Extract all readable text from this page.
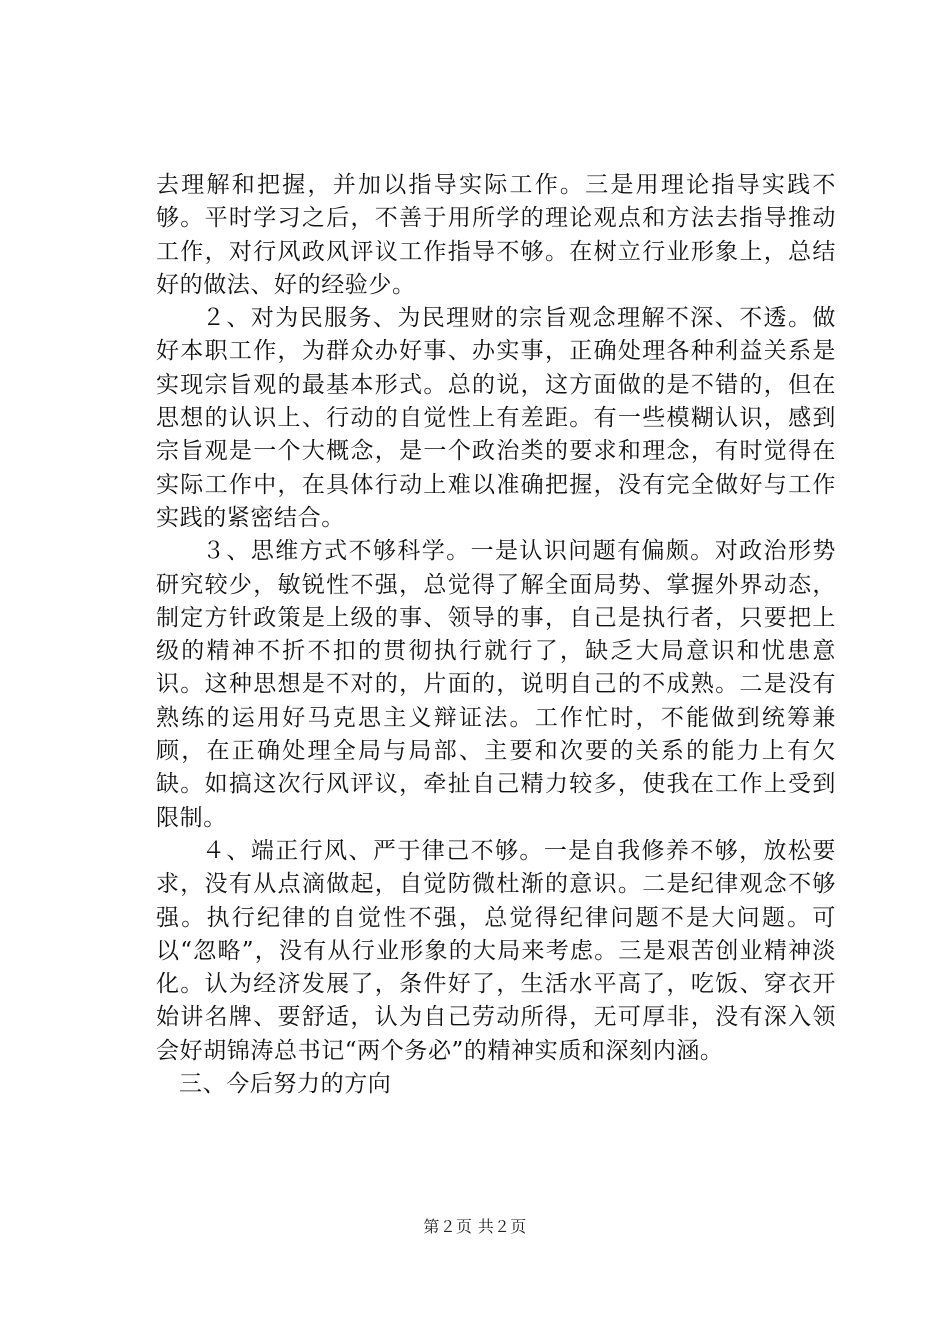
去理解和把握，并加以指导实际工作。三是用理论指导实践不够。平时学习之后，不善于用所学的理论观点和方法去指导推动工作，对行风政风评议工作指导不够。在树立行业形象上，总结好的做法、好的经验少。

２、对为民服务、为民理财的宗旨观念理解不深、不透。做好本职工作，为群众办好事、办实事，正确处理各种利益关系是实现宗旨观的最基本形式。总的说，这方面做的是不错的，但在思想的认识上、行动的自觉性上有差距。有一些模糊认识，感到宗旨观是一个大概念，是一个政治类的要求和理念，有时觉得在实际工作中，在具体行动上难以准确把握，没有完全做好与工作实践的紧密结合。

３、思维方式不够科学。一是认识问题有偏颇。对政治形势研究较少，敏锐性不强，总觉得了解全面局势、掌握外界动态，制定方针政策是上级的事、领导的事，自己是执行者，只要把上级的精神不折不扣的贯彻执行就行了，缺乏大局意识和忧患意识。这种思想是不对的，片面的，说明自己的不成熟。二是没有熟练的运用好马克思主义辩证法。工作忙时，不能做到统筹兼顾，在正确处理全局与局部、主要和次要的关系的能力上有欠缺。如搞这次行风评议，牵扯自己精力较多，使我在工作上受到限制。

４、端正行风、严于律己不够。一是自我修养不够，放松要求，没有从点滴做起，自觉防微杜渐的意识。二是纪律观念不够强。执行纪律的自觉性不强，总觉得纪律问题不是大问题。可以“忽略”，没有从行业形象的大局来考虑。三是艰苦创业精神淡化。认为经济发展了，条件好了，生活水平高了，吃饭、穿衣开始讲名牌、要舒适，认为自己劳动所得，无可厚非，没有深入领会好胡锦涛总书记“两个务必”的精神实质和深刻内涵。

三、今后努力的方向

第２页 共２页
